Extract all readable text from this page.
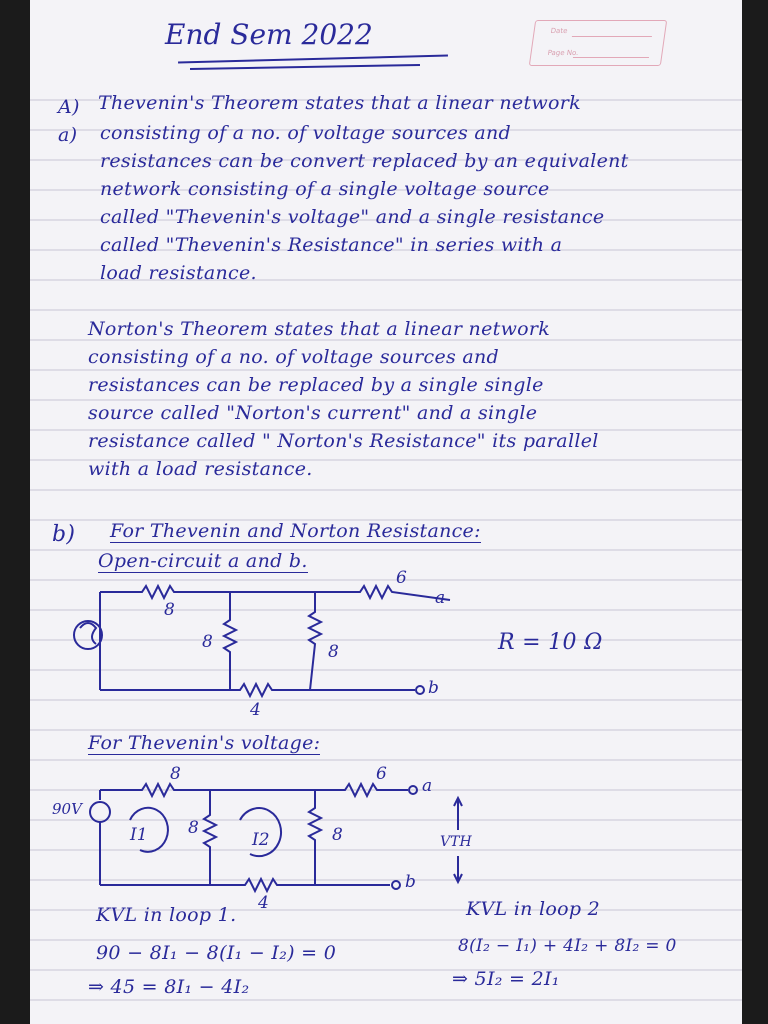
End Sem 2022	Date
Page No.
A)
a)
Thevenin's Theorem states that a linear network
consisting of a no. of voltage sources and
resistances can be convert replaced by an equivalent
network consisting of a single voltage source
called "Thevenin's voltage" and a single resistance
called "Thevenin's Resistance" in series with a
load resistance.
Norton's Theorem states that a linear network
consisting of a no. of voltage sources and
resistances can be replaced by a single single
source called "Norton's current" and a single
resistance called " Norton's Resistance" its parallel
with a load resistance.
b) For Thevenin and Norton Resistance:
Open-circuit a and b.
8
8	8
6
4
a
b
R = 10 Ω
For Thevenin's voltage:
90V
8
8	8
6
4
I1	I2
a
b
VTH
KVL in loop 1.
90 − 8I₁ − 8(I₁ − I₂) = 0
⇒ 45 = 8I₁ − 4I₂
KVL in loop 2
8(I₂ − I₁) + 4I₂ + 8I₂ = 0
⇒ 5I₂ = 2I₁
